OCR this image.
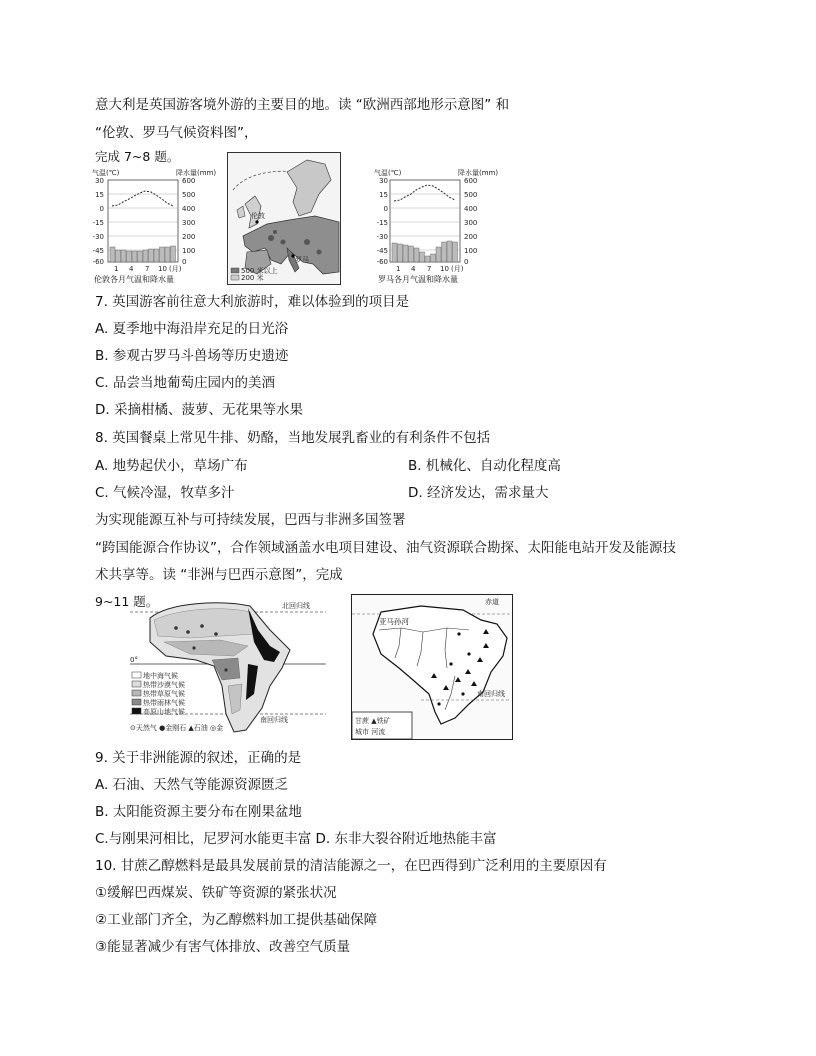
意大利是英国游客境外游的主要目的地。读 “欧洲西部地形示意图” 和
“伦敦、罗马气候资料图”，
完成 7~8 题。
气温(℃)	降水量(mm)
30
15
0
-15
-30
-45
-60
600
500
400
300
200
100
0
1 4 7 10 (月)
伦敦各月气温和降水量
伦敦
罗马
500 米以上
200 米
气温(℃)	降水量(mm)
30
15
0
-15
-30
-45
-60
600
500
400
300
200
100
0
1 4 7 10 (月)
罗马各月气温和降水量
7. 英国游客前往意大利旅游时，难以体验到的项目是
A. 夏季地中海沿岸充足的日光浴
B. 参观古罗马斗兽场等历史遗迹
C. 品尝当地葡萄庄园内的美酒
D. 采摘柑橘、菠萝、无花果等水果
8. 英国餐桌上常见牛排、奶酪，当地发展乳畜业的有利条件不包括
A. 地势起伏小，草场广布	B. 机械化、自动化程度高
C. 气候冷湿，牧草多汁	D. 经济发达，需求量大
为实现能源互补与可持续发展，巴西与非洲多国签署
“跨国能源合作协议”，合作领域涵盖水电项目建设、油气资源联合勘探、太阳能电站开发及能源技
术共享等。读 “非洲与巴西示意图”，完成
9~11 题。	北回归线
0°
南回归线
地中海气候
热带沙漠气候
热带草原气候
热带雨林气候
高原山地气候
⊙天然气 ●金刚石 ▲石油 ◎金
赤道
亚马孙河
南回归线
甘蔗 ▲铁矿
城市 河流
9. 关于非洲能源的叙述，正确的是
A. 石油、天然气等能源资源匮乏
B. 太阳能资源主要分布在刚果盆地
C.与刚果河相比，尼罗河水能更丰富 D. 东非大裂谷附近地热能丰富
10. 甘蔗乙醇燃料是最具发展前景的清洁能源之一，在巴西得到广泛利用的主要原因有
①缓解巴西煤炭、铁矿等资源的紧张状况
②工业部门齐全，为乙醇燃料加工提供基础保障
③能显著减少有害气体排放、改善空气质量
